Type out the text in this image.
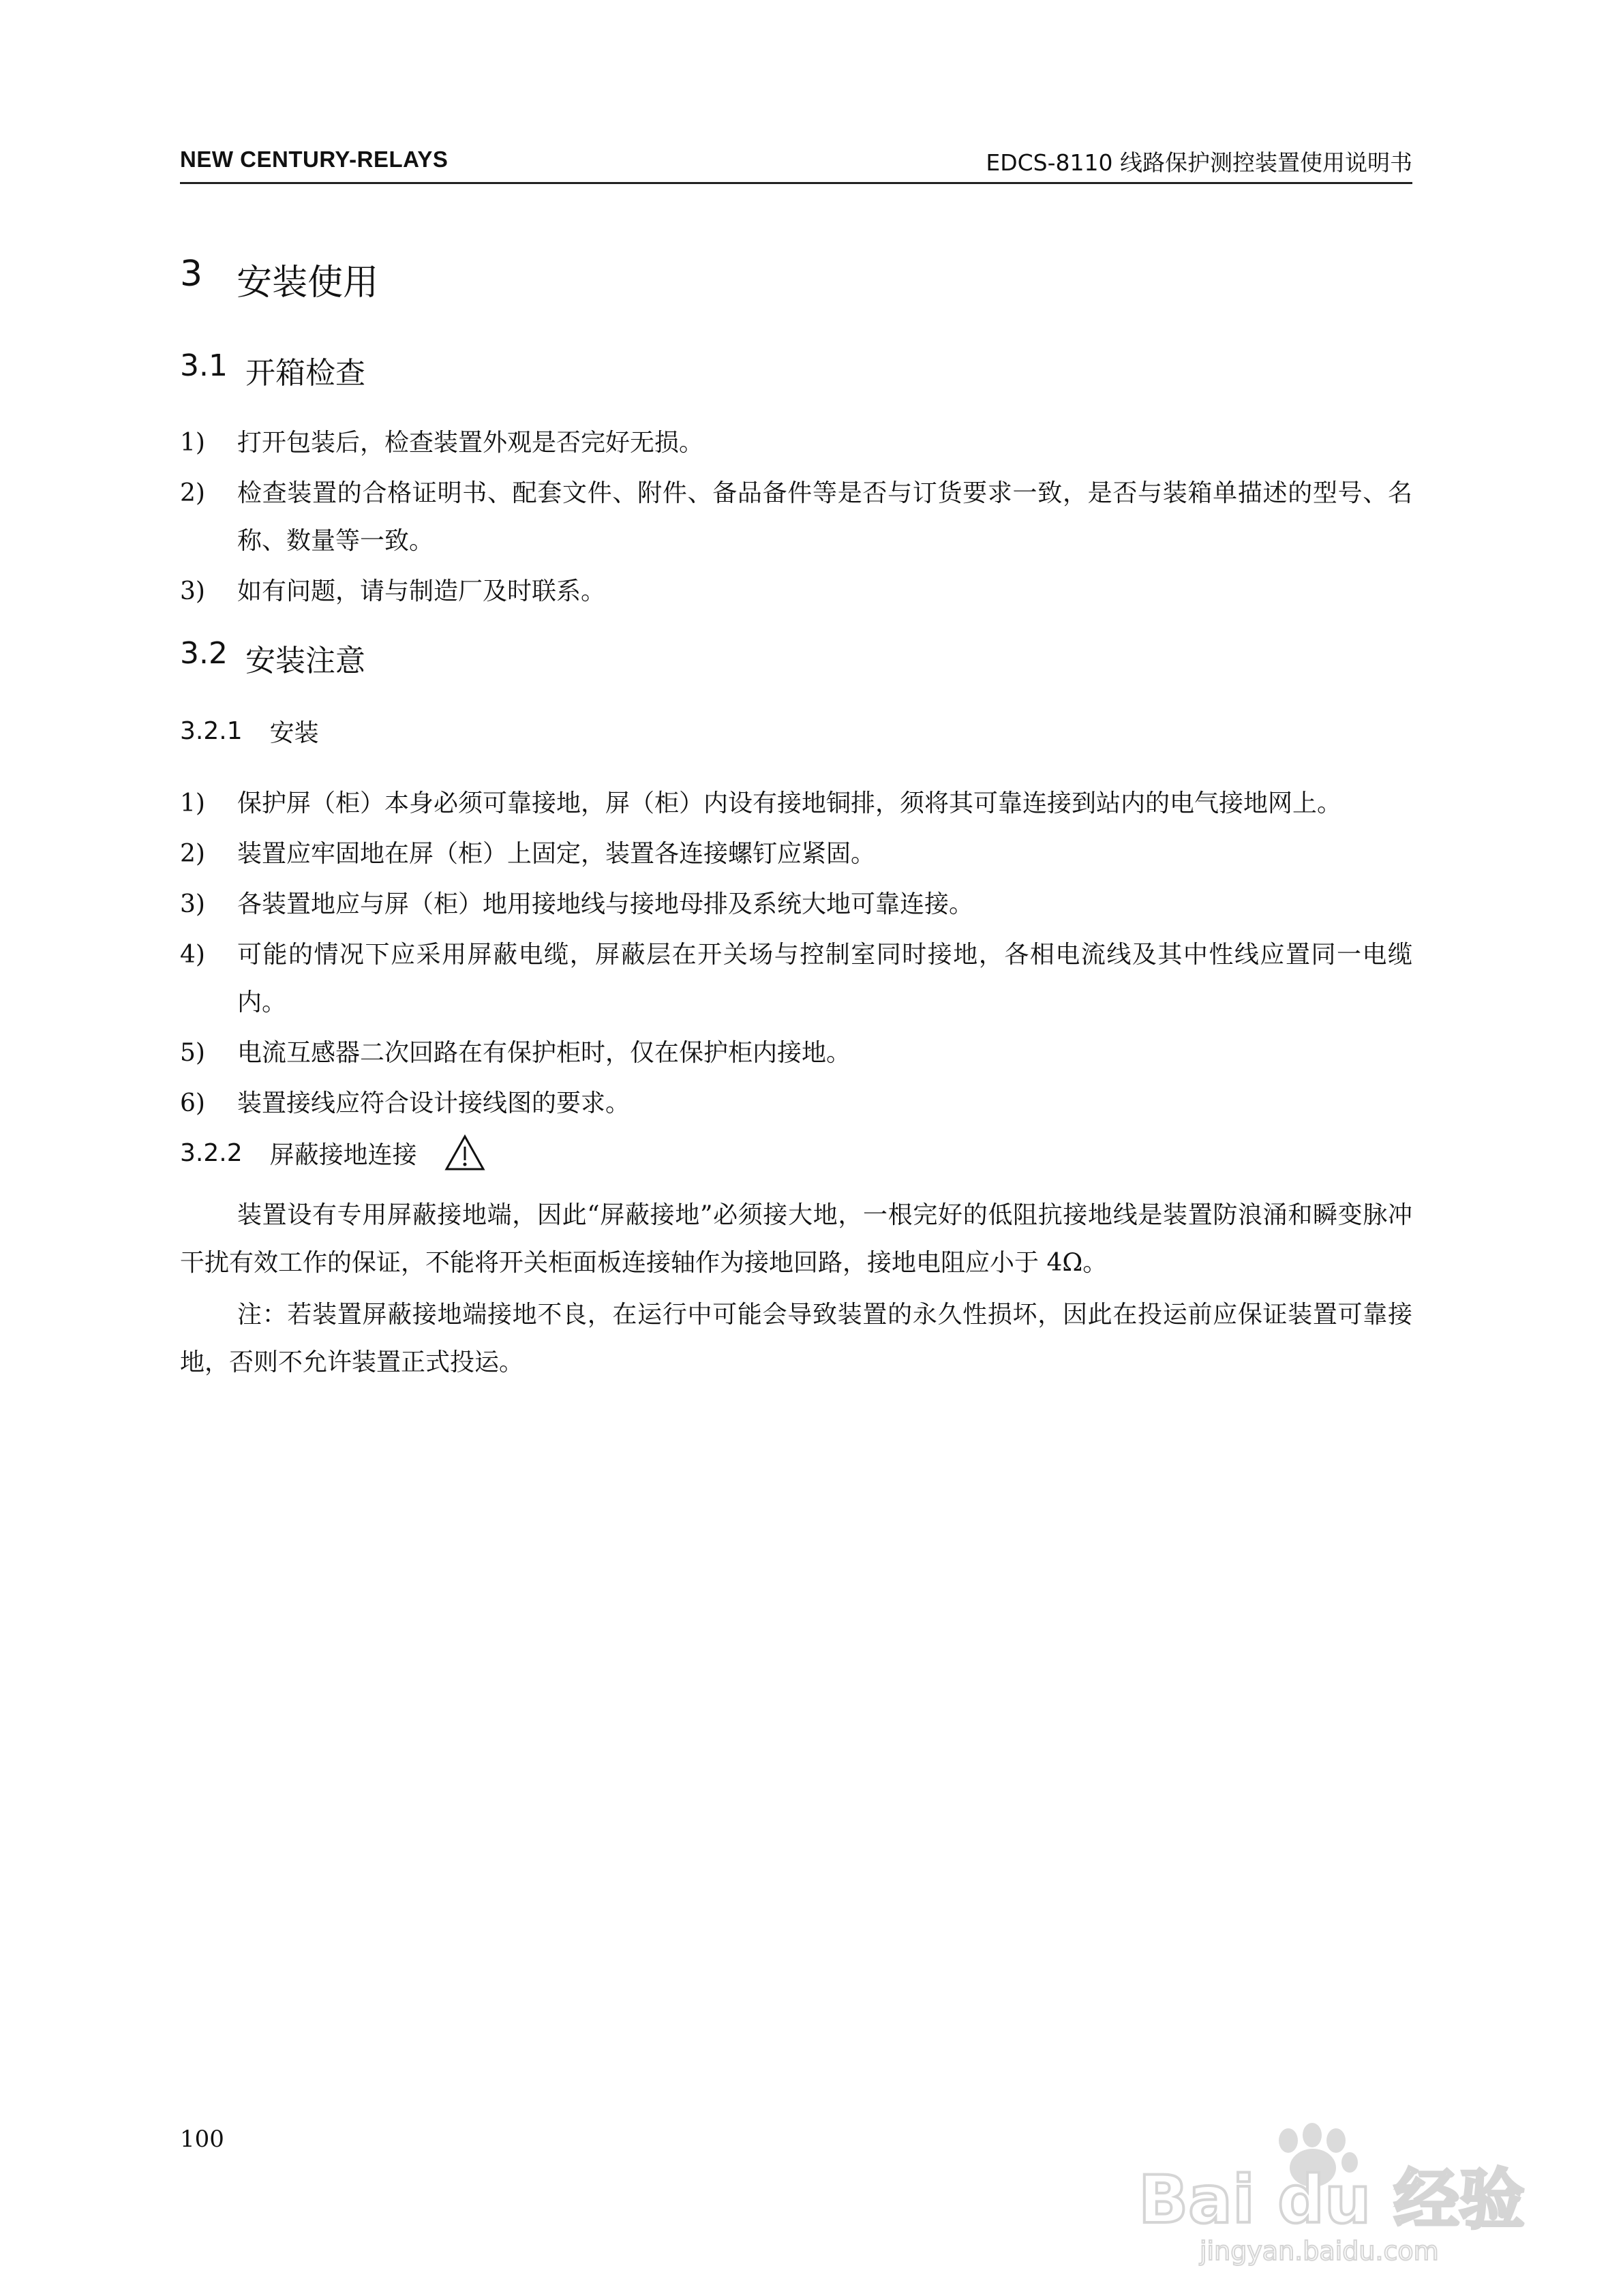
NEW CENTURY-RELAYS	EDCS-8110 线路保护测控装置使用说明书
3 安装使用
3.1 开箱检查
1)	打开包装后，检查装置外观是否完好无损。
2)	检查装置的合格证明书、配套文件、附件、备品备件等是否与订货要求一致，是否与装箱单描述的型号、名称、数量等一致。
3)	如有问题，请与制造厂及时联系。
3.2 安装注意
3.2.1 安装
1)	保护屏（柜）本身必须可靠接地，屏（柜）内设有接地铜排，须将其可靠连接到站内的电气接地网上。
2)	装置应牢固地在屏（柜）上固定，装置各连接螺钉应紧固。
3)	各装置地应与屏（柜）地用接地线与接地母排及系统大地可靠连接。
4)	可能的情况下应采用屏蔽电缆，屏蔽层在开关场与控制室同时接地，各相电流线及其中性线应置同一电缆内。
5)	电流互感器二次回路在有保护柜时，仅在保护柜内接地。
6)	装置接线应符合设计接线图的要求。
3.2.2 屏蔽接地连接

装置设有专用屏蔽接地端，因此“屏蔽接地”必须接大地，一根完好的低阻抗接地线是装置防浪涌和瞬变脉冲干扰有效工作的保证，不能将开关柜面板连接轴作为接地回路，接地电阻应小于 4Ω。

注：若装置屏蔽接地端接地不良，在运行中可能会导致装置的永久性损坏，因此在投运前应保证装置可靠接地，否则不允许装置正式投运。

100
Bai du 经验
jingyan.baidu.com
